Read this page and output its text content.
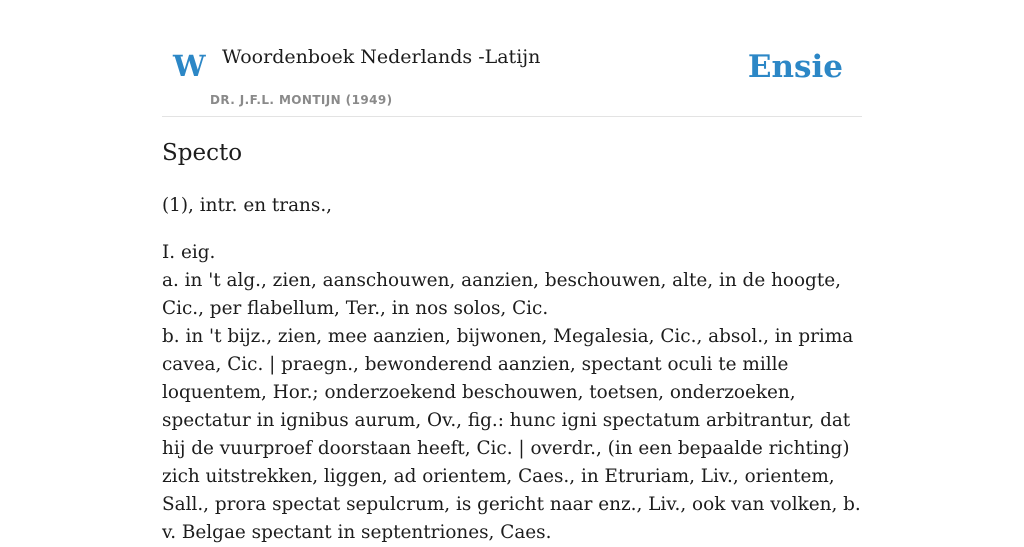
W Woordenboek Nederlands -Latijn
DR. J.F.L. MONTIJN (1949)
Ensie
Specto

(1), intr. en trans.,

I. eig.

a. in 't alg., zien, aanschouwen, aanzien, beschouwen, alte, in de hoogte, Cic., per flabellum, Ter., in nos solos, Cic.

b. in 't bijz., zien, mee aanzien, bijwonen, Megalesia, Cic., absol., in prima cavea, Cic. | praegn., bewonderend aanzien, spectant oculi te mille loquentem, Hor.; onderzoekend beschouwen, toetsen, onderzoeken, spectatur in ignibus aurum, Ov., fig.: hunc igni spectatum arbitrantur, dat hij de vuurproef doorstaan heeft, Cic. | overdr., (in een bepaalde richting) zich uitstrekken, liggen, ad orientem, Caes., in Etruriam, Liv., orientem, Sall., prora spectat sepulcrum, is gericht naar enz., Liv., ook van volken, b. v. Belgae spectant in septentriones, Caes.
